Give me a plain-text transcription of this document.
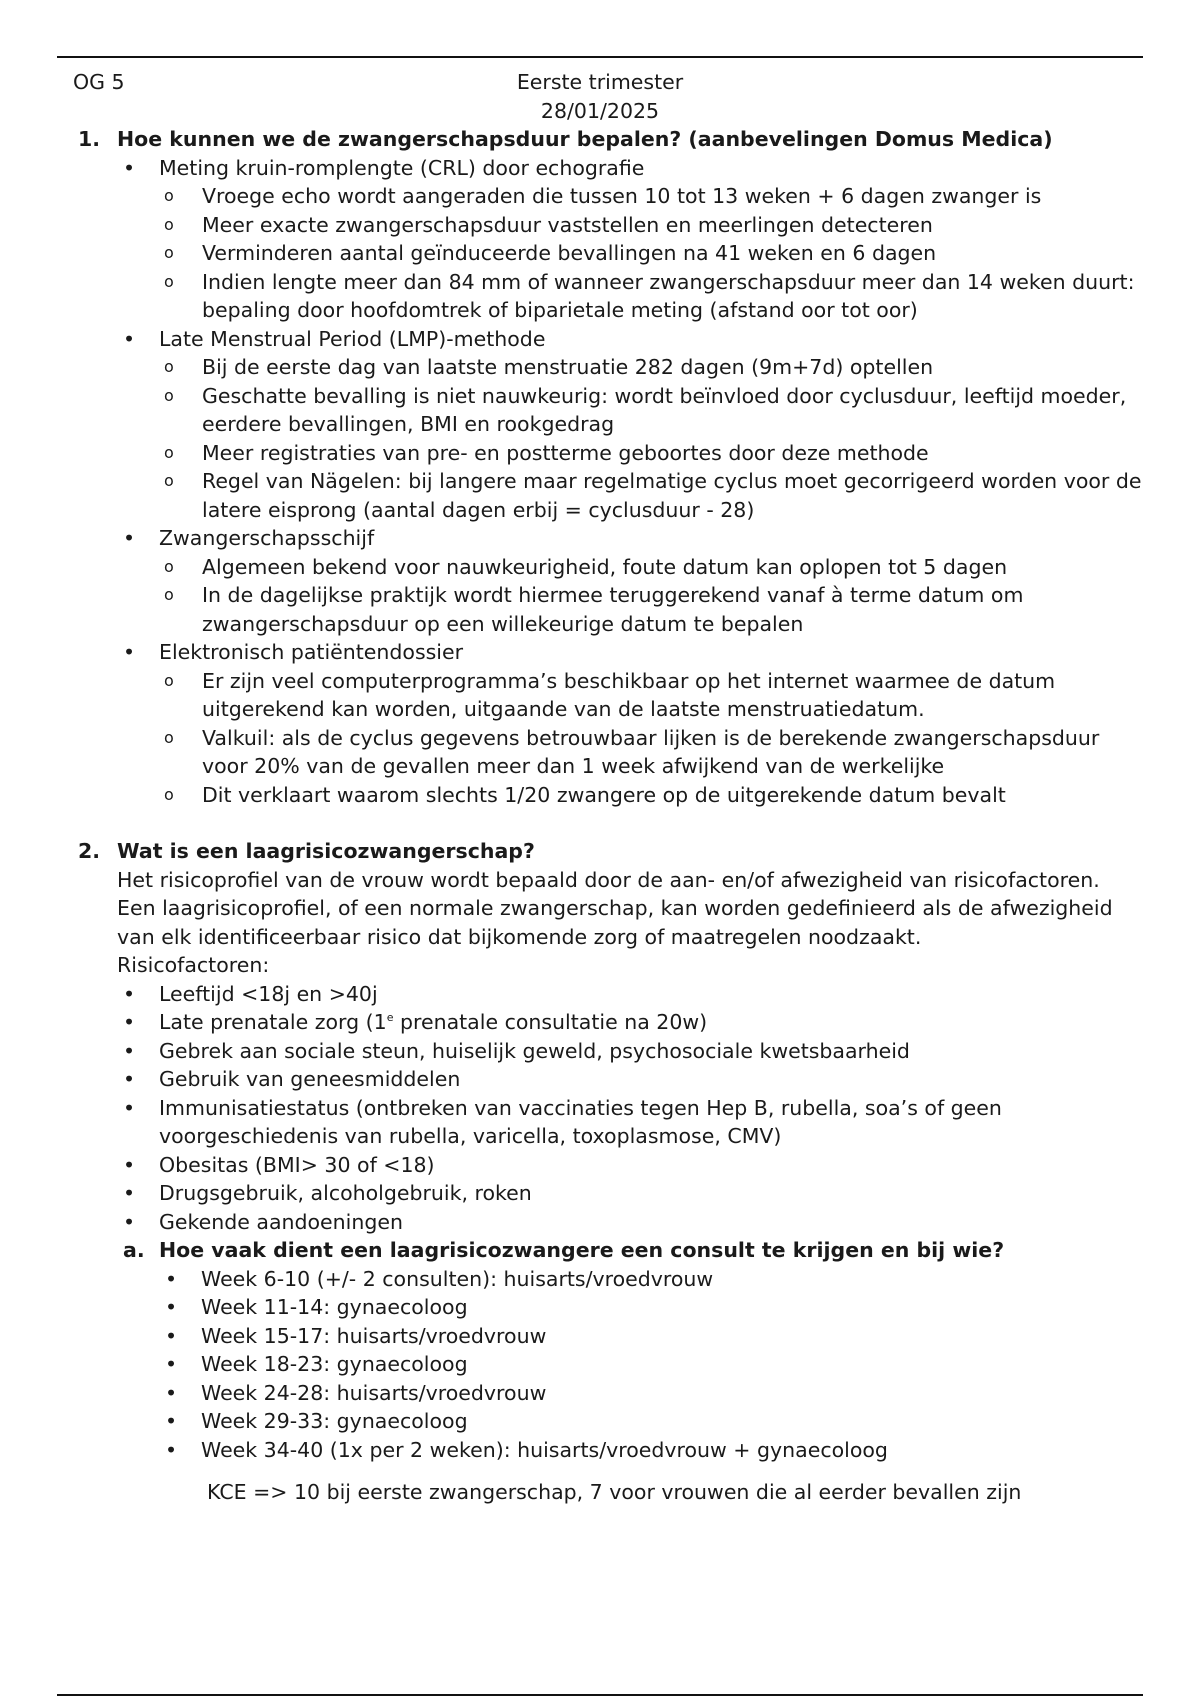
OG 5	Eerste trimester
28/01/2025
1. Hoe kunnen we de zwangerschapsduur bepalen? (aanbevelingen Domus Medica)
• Meting kruin-romplengte (CRL) door echografie
o Vroege echo wordt aangeraden die tussen 10 tot 13 weken + 6 dagen zwanger is
o Meer exacte zwangerschapsduur vaststellen en meerlingen detecteren
o Verminderen aantal geïnduceerde bevallingen na 41 weken en 6 dagen
o Indien lengte meer dan 84 mm of wanneer zwangerschapsduur meer dan 14 weken duurt: bepaling door hoofdomtrek of biparietale meting (afstand oor tot oor)
• Late Menstrual Period (LMP)-methode
o Bij de eerste dag van laatste menstruatie 282 dagen (9m+7d) optellen
o Geschatte bevalling is niet nauwkeurig: wordt beïnvloed door cyclusduur, leeftijd moeder, eerdere bevallingen, BMI en rookgedrag
o Meer registraties van pre- en postterme geboortes door deze methode
o Regel van Nägelen: bij langere maar regelmatige cyclus moet gecorrigeerd worden voor de latere eisprong (aantal dagen erbij = cyclusduur - 28)
• Zwangerschapsschijf
o Algemeen bekend voor nauwkeurigheid, foute datum kan oplopen tot 5 dagen
o In de dagelijkse praktijk wordt hiermee teruggerekend vanaf à terme datum om zwangerschapsduur op een willekeurige datum te bepalen
• Elektronisch patiëntendossier
o Er zijn veel computerprogramma’s beschikbaar op het internet waarmee de datum uitgerekend kan worden, uitgaande van de laatste menstruatiedatum.
o Valkuil: als de cyclus gegevens betrouwbaar lijken is de berekende zwangerschapsduur voor 20% van de gevallen meer dan 1 week afwijkend van de werkelijke
o Dit verklaart waarom slechts 1/20 zwangere op de uitgerekende datum bevalt
2. Wat is een laagrisicozwangerschap?
Het risicoprofiel van de vrouw wordt bepaald door de aan- en/of afwezigheid van risicofactoren. Een laagrisicoprofiel, of een normale zwangerschap, kan worden gedefinieerd als de afwezigheid van elk identificeerbaar risico dat bijkomende zorg of maatregelen noodzaakt.
Risicofactoren:
• Leeftijd <18j en >40j
• Late prenatale zorg (1e prenatale consultatie na 20w)
• Gebrek aan sociale steun, huiselijk geweld, psychosociale kwetsbaarheid
• Gebruik van geneesmiddelen
• Immunisatiestatus (ontbreken van vaccinaties tegen Hep B, rubella, soa’s of geen voorgeschiedenis van rubella, varicella, toxoplasmose, CMV)
• Obesitas (BMI> 30 of <18)
• Drugsgebruik, alcoholgebruik, roken
• Gekende aandoeningen
a. Hoe vaak dient een laagrisicozwangere een consult te krijgen en bij wie?
• Week 6-10 (+/- 2 consulten): huisarts/vroedvrouw
• Week 11-14: gynaecoloog
• Week 15-17: huisarts/vroedvrouw
• Week 18-23: gynaecoloog
• Week 24-28: huisarts/vroedvrouw
• Week 29-33: gynaecoloog
• Week 34-40 (1x per 2 weken): huisarts/vroedvrouw + gynaecoloog
KCE => 10 bij eerste zwangerschap, 7 voor vrouwen die al eerder bevallen zijn
